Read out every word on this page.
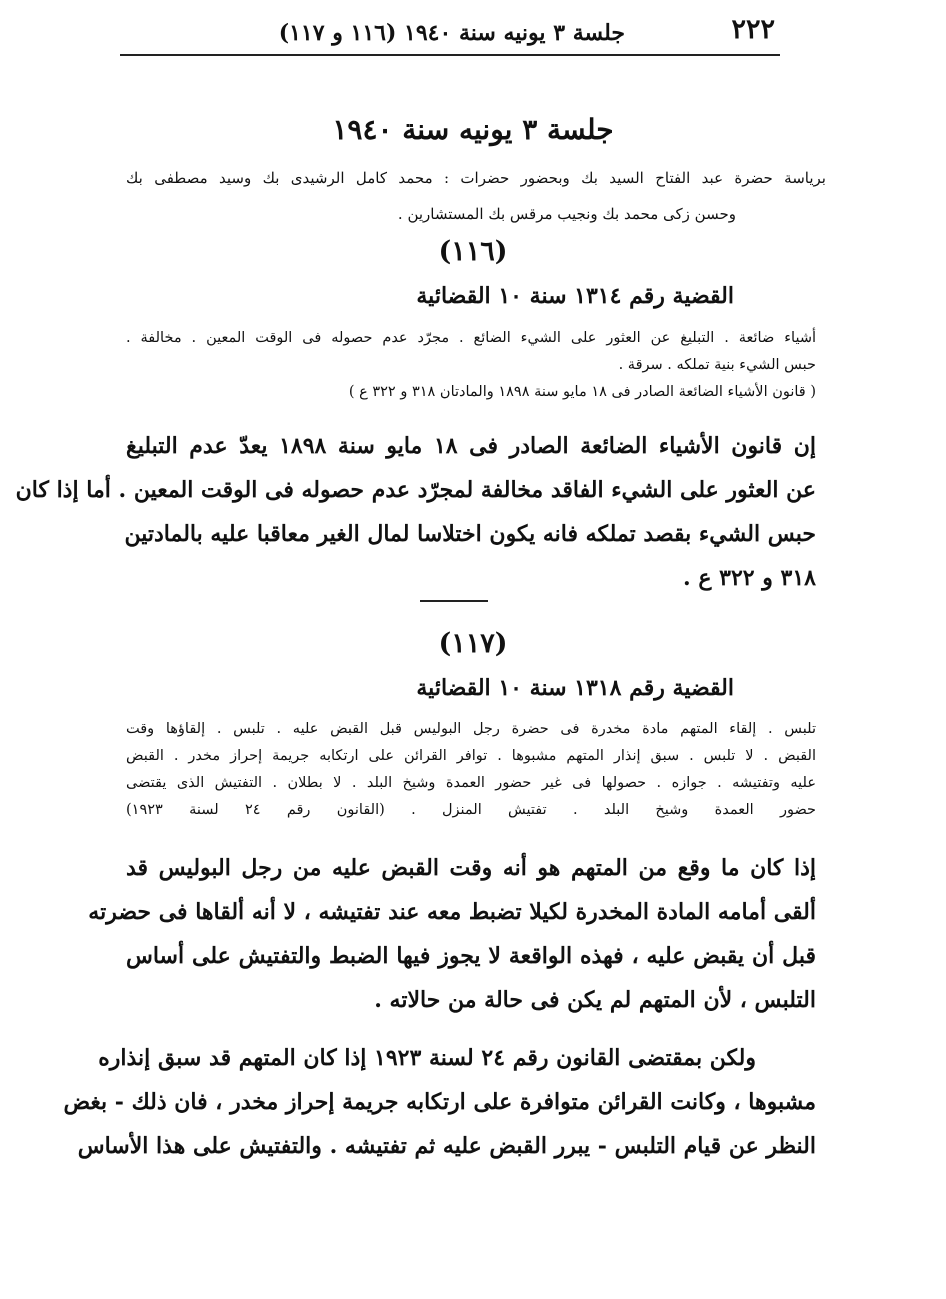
٢٢٢
جلسة ٣ يونيه سنة ١٩٤٠ (١١٦ و ١١٧)
جلسة ٣ يونيه سنة ١٩٤٠

برياسة حضرة عبد الفتاح السيد بك وبحضور حضرات : محمد كامل الرشيدى بك وسيد مصطفى بك

وحسن زكى محمد بك ونجيب مرقس بك المستشارين .

(١١٦)
القضية رقم ١٣١٤ سنة ١٠ القضائية

أشياء ضائعة . التبليغ عن العثور على الشيء الضائع . مجرّد عدم حصوله فى الوقت المعين . مخالفة .

حبس الشيء بنية تملكه . سرقة .

( قانون الأشياء الضائعة الصادر فى ١٨ مايو سنة ١٨٩٨ والمادتان ٣١٨ و ٣٢٢ ع )

إن قانون الأشياء الضائعة الصادر فى ١٨ مايو سنة ١٨٩٨ يعدّ عدم التبليغ

عن العثور على الشيء الفاقد مخالفة لمجرّد عدم حصوله فى الوقت المعين . أما إذا كان

حبس الشيء بقصد تملكه فانه يكون اختلاسا لمال الغير معاقبا عليه بالمادتين

٣١٨ و ٣٢٢ ع .

(١١٧)
القضية رقم ١٣١٨ سنة ١٠ القضائية

تلبس . إلقاء المتهم مادة مخدرة فى حضرة رجل البوليس قبل القبض عليه . تلبس . إلقاؤها وقت

القبض . لا تلبس . سبق إنذار المتهم مشبوها . توافر القرائن على ارتكابه جريمة إحراز مخدر . القبض

عليه وتفتيشه . جوازه . حصولها فى غير حضور العمدة وشيخ البلد . لا بطلان . التفتيش الذى يقتضى

حضور العمدة وشيخ البلد . تفتيش المنزل . (القانون رقم ٢٤ لسنة ١٩٢٣)

إذا كان ما وقع من المتهم هو أنه وقت القبض عليه من رجل البوليس قد

ألقى أمامه المادة المخدرة لكيلا تضبط معه عند تفتيشه ، لا أنه ألقاها فى حضرته

قبل أن يقبض عليه ، فهذه الواقعة لا يجوز فيها الضبط والتفتيش على أساس

التلبس ، لأن المتهم لم يكن فى حالة من حالاته .

ولكن بمقتضى القانون رقم ٢٤ لسنة ١٩٢٣ إذا كان المتهم قد سبق إنذاره

مشبوها ، وكانت القرائن متوافرة على ارتكابه جريمة إحراز مخدر ، فان ذلك - بغض

النظر عن قيام التلبس - يبرر القبض عليه ثم تفتيشه . والتفتيش على هذا الأساس
